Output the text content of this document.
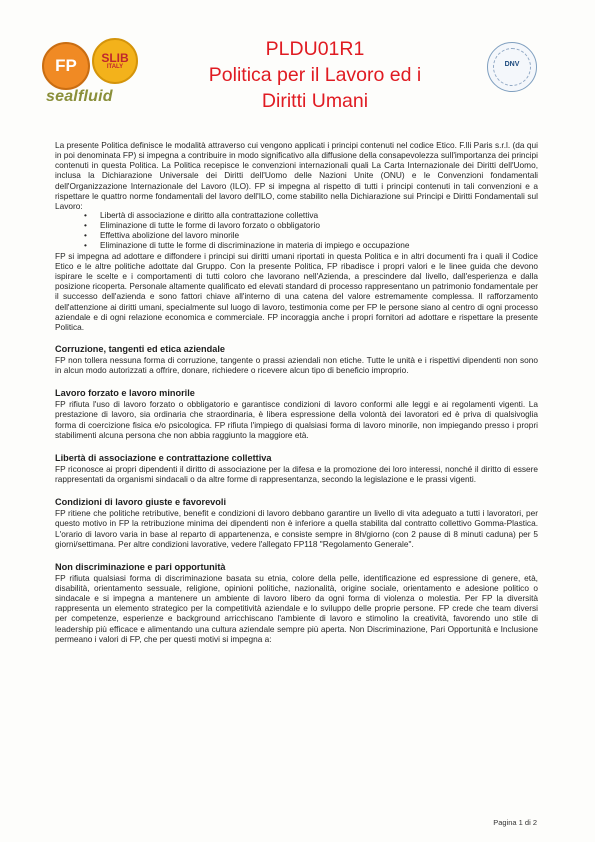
FP SLIB
ITALY
sealfluid
PLDU01R1
Politica per il Lavoro ed i
Diritti Umani
DNV

La presente Politica definisce le modalità attraverso cui vengono applicati i principi contenuti nel codice Etico. F.lli Paris s.r.l. (da qui in poi denominata FP) si impegna a contribuire in modo significativo alla diffusione della consapevolezza sull'importanza dei principi contenuti in questa Politica. La Politica recepisce le convenzioni internazionali quali La Carta Internazionale dei Diritti dell'Uomo, inclusa la Dichiarazione Universale dei Diritti dell'Uomo delle Nazioni Unite (ONU) e le Convenzioni fondamentali dell'Organizzazione Internazionale del Lavoro (ILO). FP si impegna al rispetto di tutti i principi contenuti in tali convenzioni e a rispettare le quattro norme fondamentali del lavoro dell'ILO, come stabilito nella Dichiarazione sui Principi e Diritti Fondamentali sul Lavoro:

• Libertà di associazione e diritto alla contrattazione collettiva
• Eliminazione di tutte le forme di lavoro forzato o obbligatorio
• Effettiva abolizione del lavoro minorile
• Eliminazione di tutte le forme di discriminazione in materia di impiego e occupazione

FP si impegna ad adottare e diffondere i principi sui diritti umani riportati in questa Politica e in altri documenti fra i quali il Codice Etico e le altre politiche adottate dal Gruppo. Con la presente Politica, FP ribadisce i propri valori e le linee guida che devono ispirare le scelte e i comportamenti di tutti coloro che lavorano nell'Azienda, a prescindere dal livello, dall'esperienza e dalla posizione ricoperta. Personale altamente qualificato ed elevati standard di processo rappresentano un patrimonio fondamentale per il successo dell'azienda e sono fattori chiave all'interno di una catena del valore estremamente complessa. Il rafforzamento dell'attenzione ai diritti umani, specialmente sul luogo di lavoro, testimonia come per FP le persone siano al centro di ogni processo aziendale e di ogni relazione economica e commerciale. FP incoraggia anche i propri fornitori ad adottare e rispettare la presente Politica.

Corruzione, tangenti ed etica aziendale

FP non tollera nessuna forma di corruzione, tangente o prassi aziendali non etiche. Tutte le unità e i rispettivi dipendenti non sono in alcun modo autorizzati a offrire, donare, richiedere o ricevere alcun tipo di beneficio improprio.

Lavoro forzato e lavoro minorile

FP rifiuta l'uso di lavoro forzato o obbligatorio e garantisce condizioni di lavoro conformi alle leggi e ai regolamenti vigenti. La prestazione di lavoro, sia ordinaria che straordinaria, è libera espressione della volontà dei lavoratori ed è priva di qualsivoglia forma di coercizione fisica e/o psicologica. FP rifiuta l'impiego di qualsiasi forma di lavoro minorile, non impiegando presso i propri stabilimenti alcuna persona che non abbia raggiunto la maggiore età.

Libertà di associazione e contrattazione collettiva

FP riconosce ai propri dipendenti il diritto di associazione per la difesa e la promozione dei loro interessi, nonché il diritto di essere rappresentati da organismi sindacali o da altre forme di rappresentanza, secondo la legislazione e le prassi vigenti.

Condizioni di lavoro giuste e favorevoli

FP ritiene che politiche retributive, benefit e condizioni di lavoro debbano garantire un livello di vita adeguato a tutti i lavoratori, per questo motivo in FP la retribuzione minima dei dipendenti non è inferiore a quella stabilita dal contratto collettivo Gomma-Plastica. L'orario di lavoro varia in base al reparto di appartenenza, e consiste sempre in 8h/giorno (con 2 pause di 8 minuti caduna) per 5 giorni/settimana. Per altre condizioni lavorative, vedere l'allegato FP118 "Regolamento Generale".

Non discriminazione e pari opportunità

FP rifiuta qualsiasi forma di discriminazione basata su etnia, colore della pelle, identificazione ed espressione di genere, età, disabilità, orientamento sessuale, religione, opinioni politiche, nazionalità, origine sociale, orientamento e adesione politico o sindacale e si impegna a mantenere un ambiente di lavoro libero da ogni forma di violenza o molestia. Per FP la diversità rappresenta un elemento strategico per la competitività aziendale e lo sviluppo delle proprie persone. FP crede che team diversi per competenze, esperienze e background arricchiscano l'ambiente di lavoro e stimolino la creatività, favorendo uno stile di leadership più efficace e alimentando una cultura aziendale sempre più aperta. Non Discriminazione, Pari Opportunità e Inclusione permeano i valori di FP, che per questi motivi si impegna a:

Pagina 1 di 2
